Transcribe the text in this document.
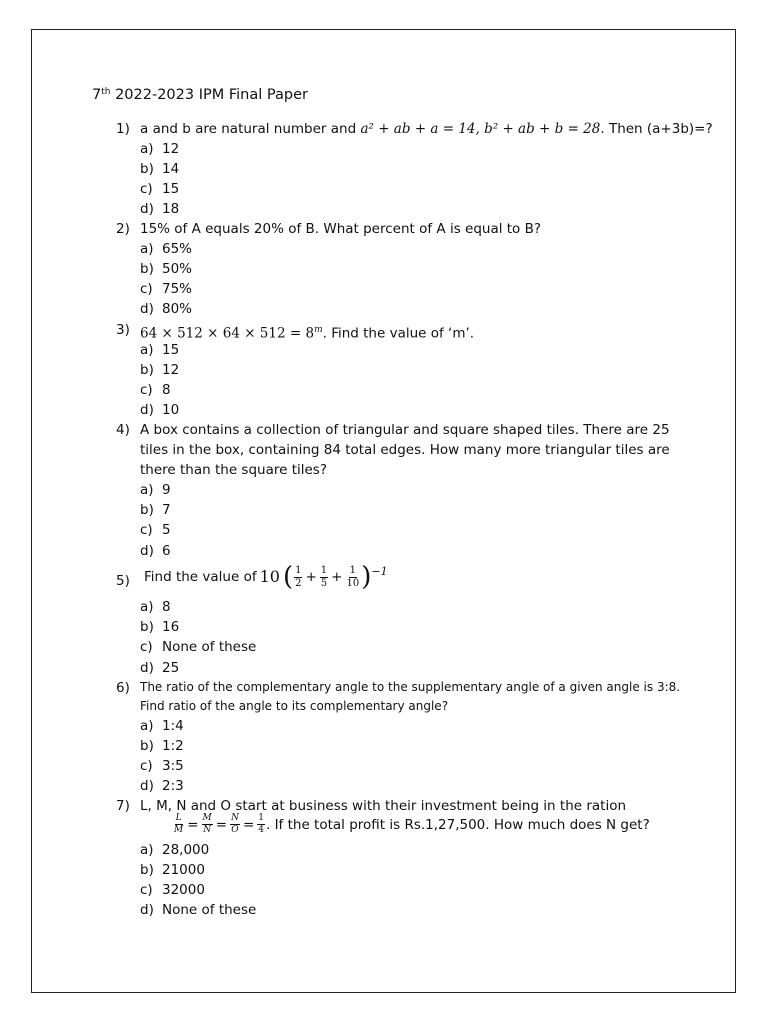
7th 2022-2023 IPM Final Paper
1) a and b are natural number and a² + ab + a = 14, b² + ab + b = 28. Then (a+3b)=?
a) 12
b) 14
c) 15
d) 18
2) 15% of A equals 20% of B. What percent of A is equal to B?
a) 65%
b) 50%
c) 75%
d) 80%
3) $64 \times 512 \times 64 \times 512 = 8^m$. Find the value of ‘m’.
a) 15
b) 12
c) 8
d) 10
4) A box contains a collection of triangular and square shaped tiles. There are 25 tiles in the box, containing 84 total edges. How many more triangular tiles are there than the square tiles?
a) 9
b) 7
c) 5
d) 6
5)	Find the value of 10 ( $\frac{1}{2} + \frac{1}{5} + \frac{1}{10}$ ) −1
a) 8
b) 16
c) None of these
d) 25
6) The ratio of the complementary angle to the supplementary angle of a given angle is 3:8. Find ratio of the angle to its complementary angle?
a) 1:4
b) 1:2
c) 3:5
d) 2:3
7) L, M, N and O start at business with their investment being in the ration
$\frac{L}{M} = \frac{M}{N} = \frac{N}{O} = \frac{1}{4}$ . If the total profit is Rs.1,27,500. How much does N get?
a) 28,000
b) 21000
c) 32000
d) None of these
